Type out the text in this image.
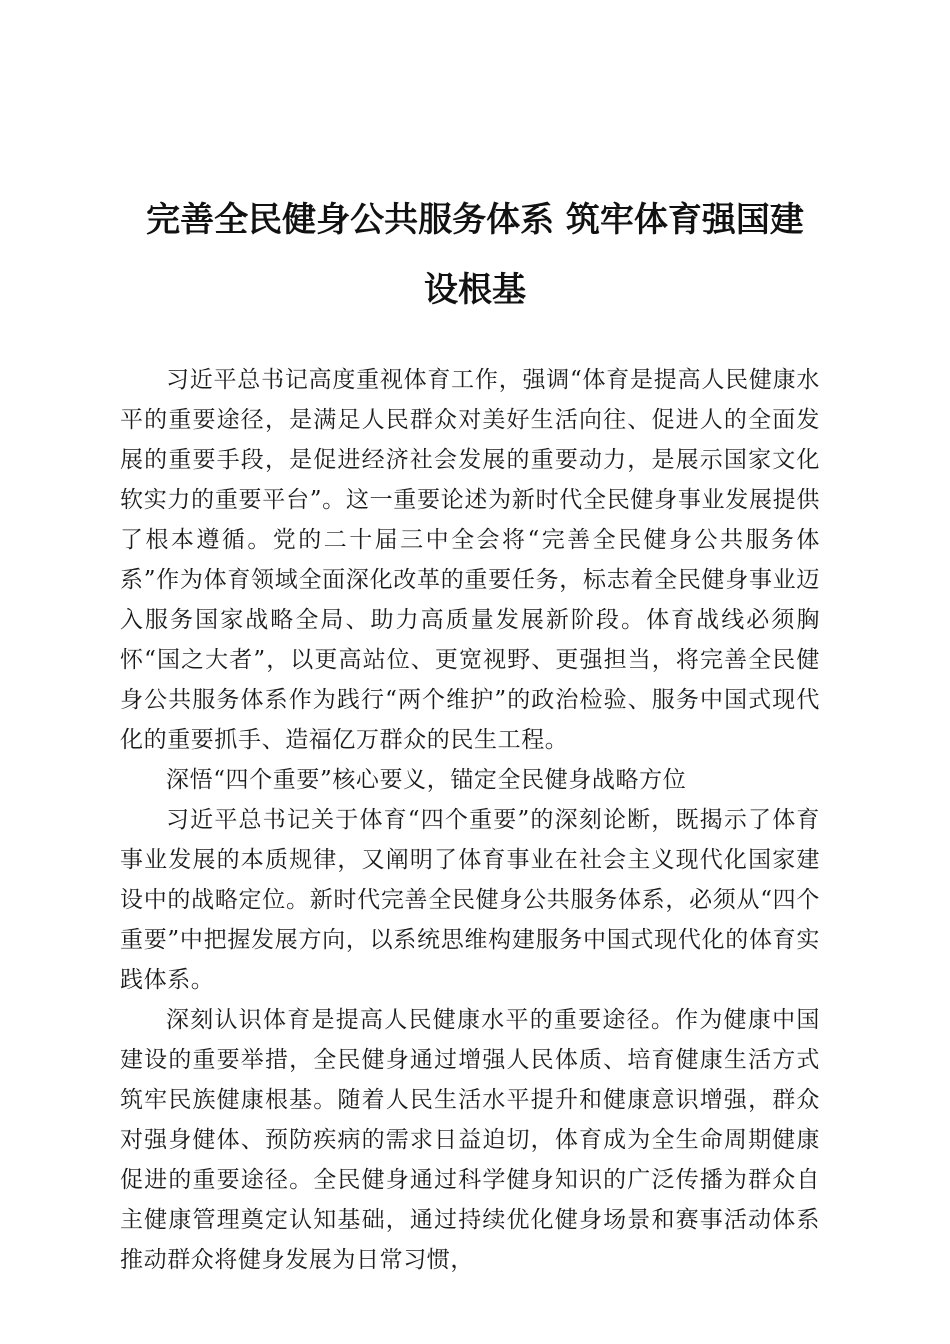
完善全民健身公共服务体系 筑牢体育强国建
设根基

习近平总书记高度重视体育工作，强调“体育是提高人民健康水平的重要途径，是满足人民群众对美好生活向往、促进人的全面发展的重要手段，是促进经济社会发展的重要动力，是展示国家文化软实力的重要平台”。这一重要论述为新时代全民健身事业发展提供了根本遵循。党的二十届三中全会将“完善全民健身公共服务体系”作为体育领域全面深化改革的重要任务，标志着全民健身事业迈入服务国家战略全局、助力高质量发展新阶段。体育战线必须胸怀“国之大者”，以更高站位、更宽视野、更强担当，将完善全民健身公共服务体系作为践行“两个维护”的政治检验、服务中国式现代化的重要抓手、造福亿万群众的民生工程。

深悟“四个重要”核心要义，锚定全民健身战略方位

习近平总书记关于体育“四个重要”的深刻论断，既揭示了体育事业发展的本质规律，又阐明了体育事业在社会主义现代化国家建设中的战略定位。新时代完善全民健身公共服务体系，必须从“四个重要”中把握发展方向，以系统思维构建服务中国式现代化的体育实践体系。

深刻认识体育是提高人民健康水平的重要途径。作为健康中国建设的重要举措，全民健身通过增强人民体质、培育健康生活方式筑牢民族健康根基。随着人民生活水平提升和健康意识增强，群众对强身健体、预防疾病的需求日益迫切，体育成为全生命周期健康促进的重要途径。全民健身通过科学健身知识的广泛传播为群众自主健康管理奠定认知基础，通过持续优化健身场景和赛事活动体系推动群众将健身发展为日常习惯，
